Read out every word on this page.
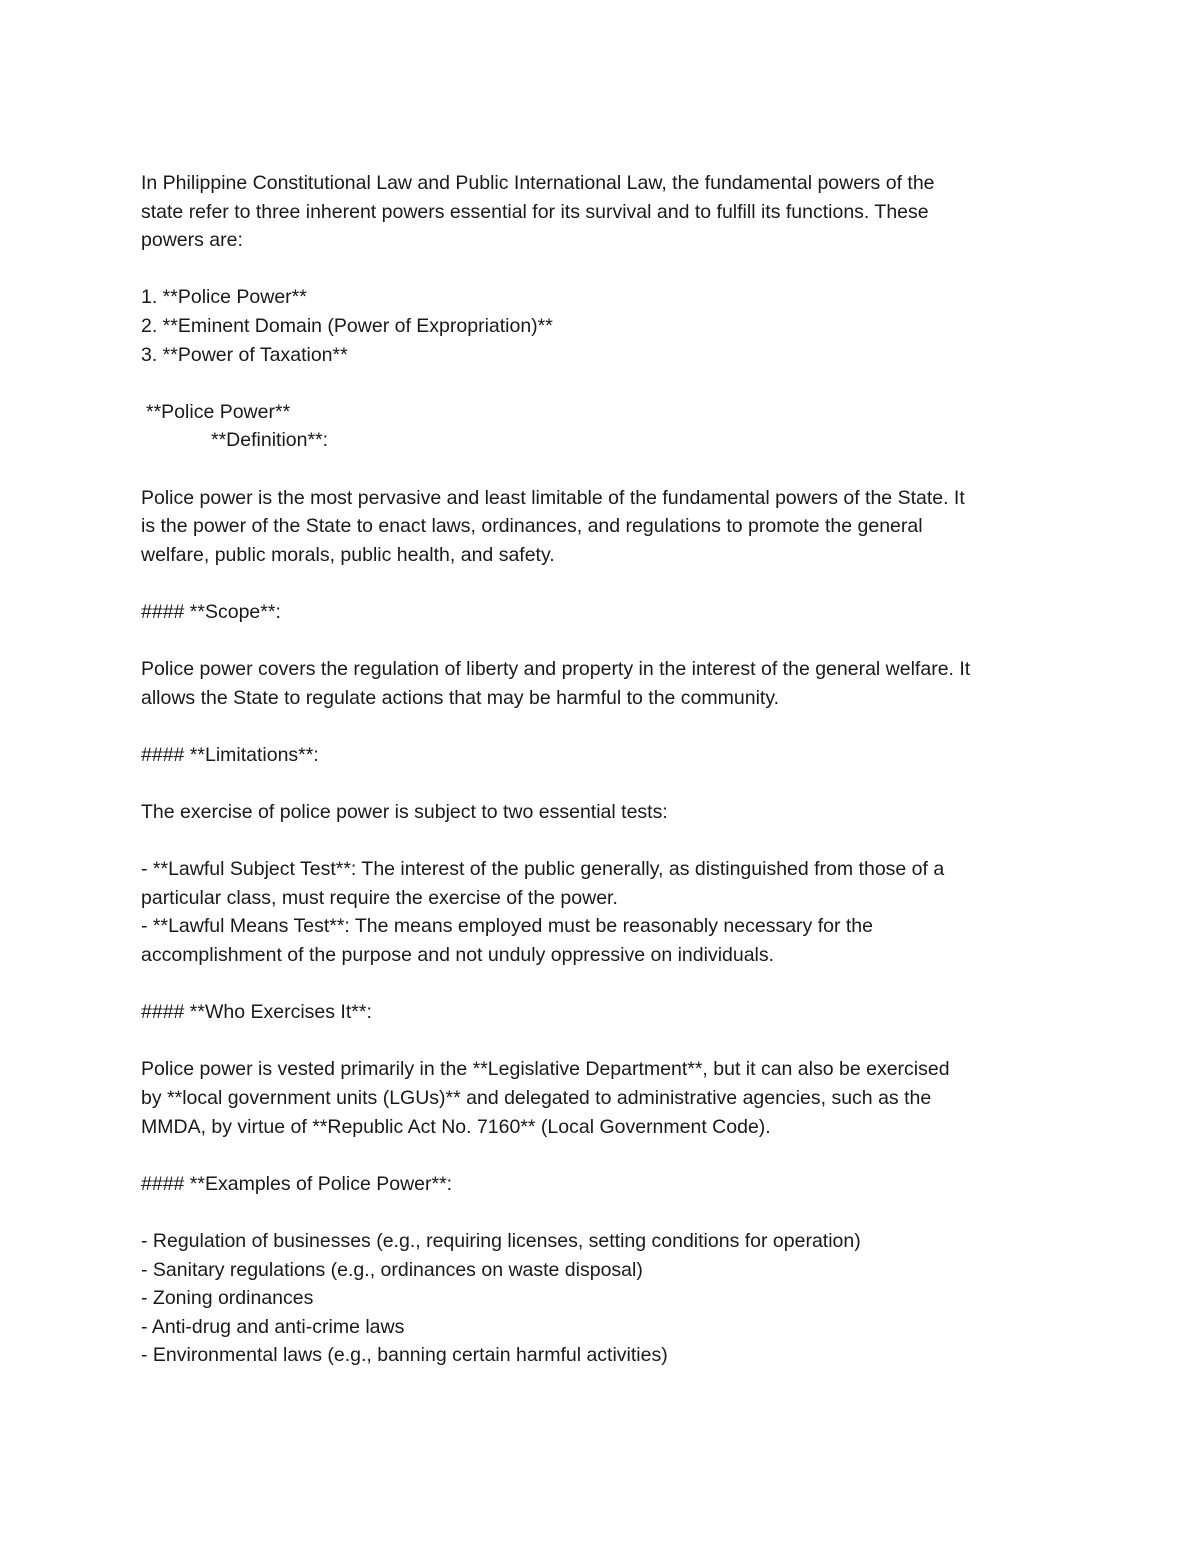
In Philippine Constitutional Law and Public International Law, the fundamental powers of the
state refer to three inherent powers essential for its survival and to fulfill its functions. These
powers are:
1. **Police Power**
2. **Eminent Domain (Power of Expropriation)**
3. **Power of Taxation**
**Police Power**
**Definition**:
Police power is the most pervasive and least limitable of the fundamental powers of the State. It
is the power of the State to enact laws, ordinances, and regulations to promote the general
welfare, public morals, public health, and safety.
#### **Scope**:
Police power covers the regulation of liberty and property in the interest of the general welfare. It
allows the State to regulate actions that may be harmful to the community.
#### **Limitations**:
The exercise of police power is subject to two essential tests:
- **Lawful Subject Test**: The interest of the public generally, as distinguished from those of a
particular class, must require the exercise of the power.
- **Lawful Means Test**: The means employed must be reasonably necessary for the
accomplishment of the purpose and not unduly oppressive on individuals.
#### **Who Exercises It**:
Police power is vested primarily in the **Legislative Department**, but it can also be exercised
by **local government units (LGUs)** and delegated to administrative agencies, such as the
MMDA, by virtue of **Republic Act No. 7160** (Local Government Code).
#### **Examples of Police Power**:
- Regulation of businesses (e.g., requiring licenses, setting conditions for operation)
- Sanitary regulations (e.g., ordinances on waste disposal)
- Zoning ordinances
- Anti-drug and anti-crime laws
- Environmental laws (e.g., banning certain harmful activities)
